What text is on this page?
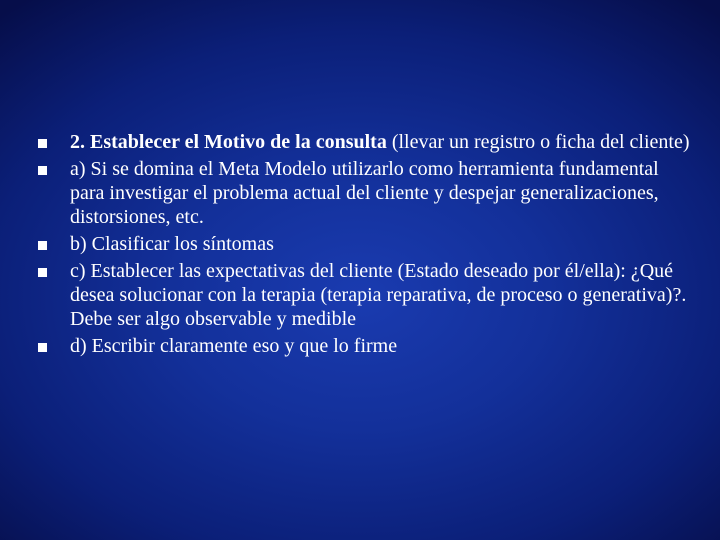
2. Establecer el Motivo de la consulta (llevar un registro o ficha del cliente)
a) Si se domina el Meta Modelo utilizarlo como herramienta fundamental para investigar el problema actual del cliente y despejar generalizaciones, distorsiones, etc.
b) Clasificar los síntomas
c) Establecer las expectativas del cliente (Estado deseado por él/ella): ¿Qué desea solucionar con la terapia (terapia reparativa, de proceso o generativa)?. Debe ser algo observable y medible
d) Escribir claramente eso y que lo firme
